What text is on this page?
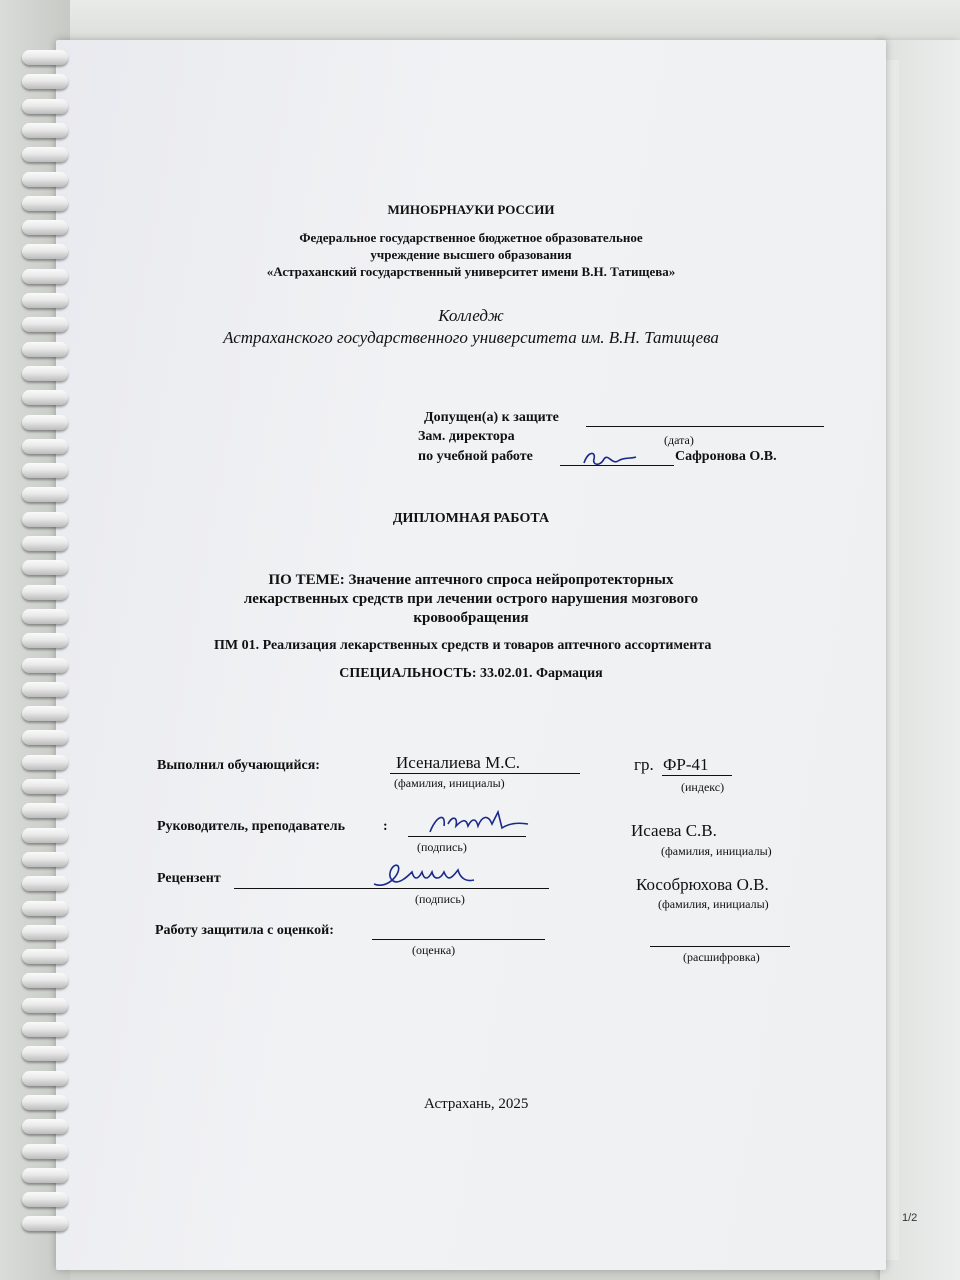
МИНОБРНАУКИ РОССИИ
Федеральное государственное бюджетное образовательное
учреждение высшего образования
«Астраханский государственный университет имени В.Н. Татищева»
Колледж
Астраханского государственного университета им. В.Н. Татищева
Допущен(а) к защите
Зам. директора	(дата)
по учебной работе	Сафронова О.В.
ДИПЛОМНАЯ РАБОТА
ПО ТЕМЕ: Значение аптечного спроса нейропротекторных
лекарственных средств при лечении острого нарушения мозгового
кровообращения
ПМ 01. Реализация лекарственных средств и товаров аптечного ассортимента
СПЕЦИАЛЬНОСТЬ: 33.02.01. Фармация
Выполнил обучающийся:	Исеналиева М.С.
(фамилия, инициалы)
гр. ФР-41
(индекс)
Руководитель, преподаватель	:
(подпись)
Исаева С.В.
(фамилия, инициалы)
Рецензент
(подпись)
Кособрюхова О.В.
(фамилия, инициалы)
Работу защитила с оценкой:
(оценка)	(расшифровка)
Астрахань, 2025
1/2
